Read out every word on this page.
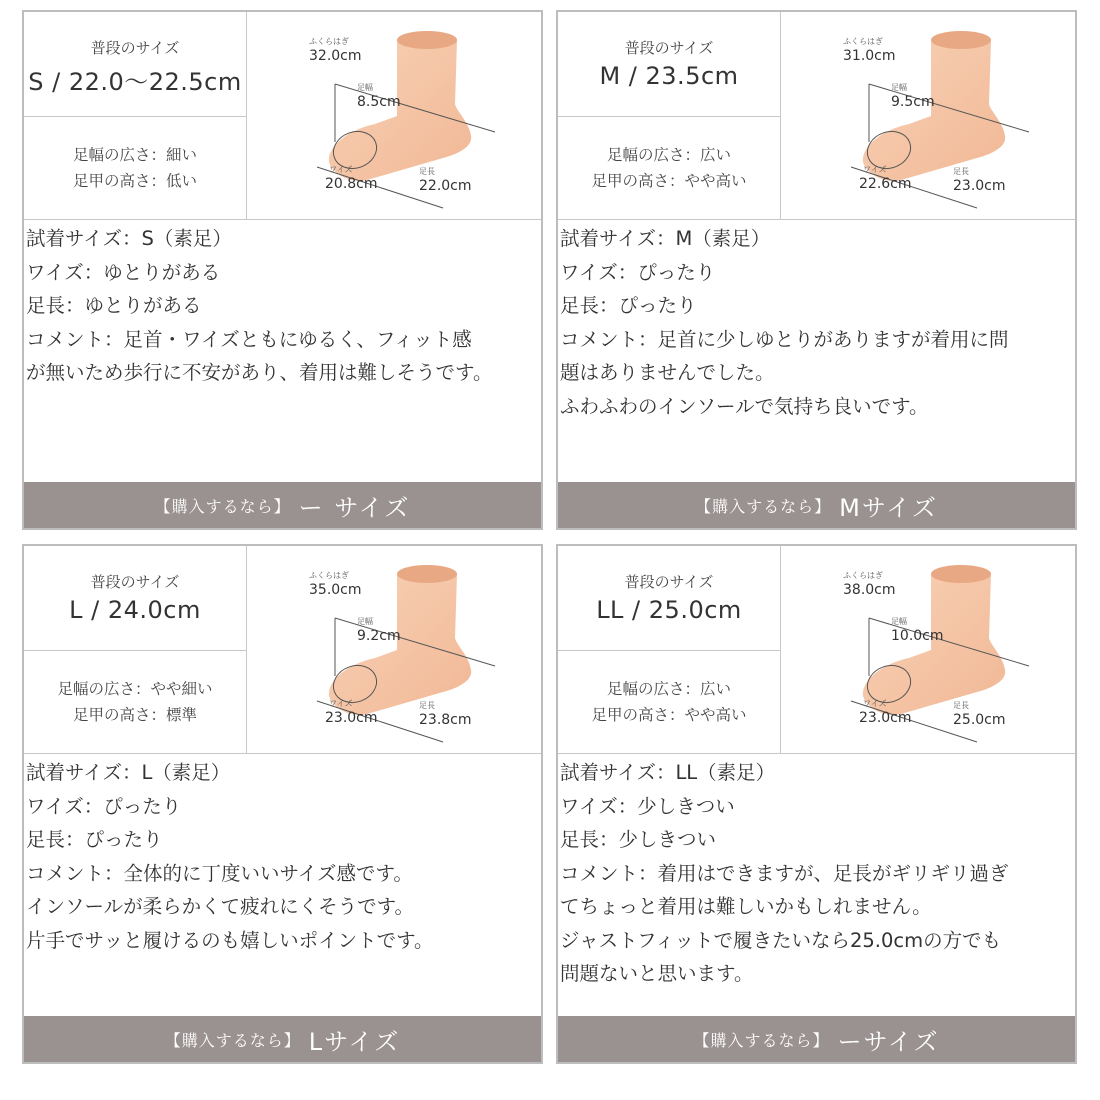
普段のサイズ
S / 22.0～22.5cm
足幅の広さ：細い
足甲の高さ：低い
ふくらはぎ
32.0cm
足幅
8.5cm
ワイズ
20.8cm
足長
22.0cm
試着サイズ：S（素足）
ワイズ：ゆとりがある
足長：ゆとりがある
コメント：足首・ワイズともにゆるく、フィット感
が無いため歩行に不安があり、着用は難しそうです。
【購入するなら】 ー サイズ
普段のサイズ
M / 23.5cm
足幅の広さ：広い
足甲の高さ：やや高い
ふくらはぎ
31.0cm
足幅
9.5cm
ワイズ
22.6cm
足長
23.0cm
試着サイズ：M（素足）
ワイズ：ぴったり
足長：ぴったり
コメント：足首に少しゆとりがありますが着用に問
題はありませんでした。
ふわふわのインソールで気持ち良いです。
【購入するなら】 Mサイズ
普段のサイズ
L / 24.0cm
足幅の広さ：やや細い
足甲の高さ：標準
ふくらはぎ
35.0cm
足幅
9.2cm
ワイズ
23.0cm
足長
23.8cm
試着サイズ：L（素足）
ワイズ：ぴったり
足長：ぴったり
コメント：全体的に丁度いいサイズ感です。
インソールが柔らかくて疲れにくそうです。
片手でサッと履けるのも嬉しいポイントです。
【購入するなら】 Lサイズ
普段のサイズ
LL / 25.0cm
足幅の広さ：広い
足甲の高さ：やや高い
ふくらはぎ
38.0cm
足幅
10.0cm
ワイズ
23.0cm
足長
25.0cm
試着サイズ：LL（素足）
ワイズ：少しきつい
足長：少しきつい
コメント：着用はできますが、足長がギリギリ過ぎ
てちょっと着用は難しいかもしれません。
ジャストフィットで履きたいなら25.0cmの方でも
問題ないと思います。
【購入するなら】 ーサイズ
